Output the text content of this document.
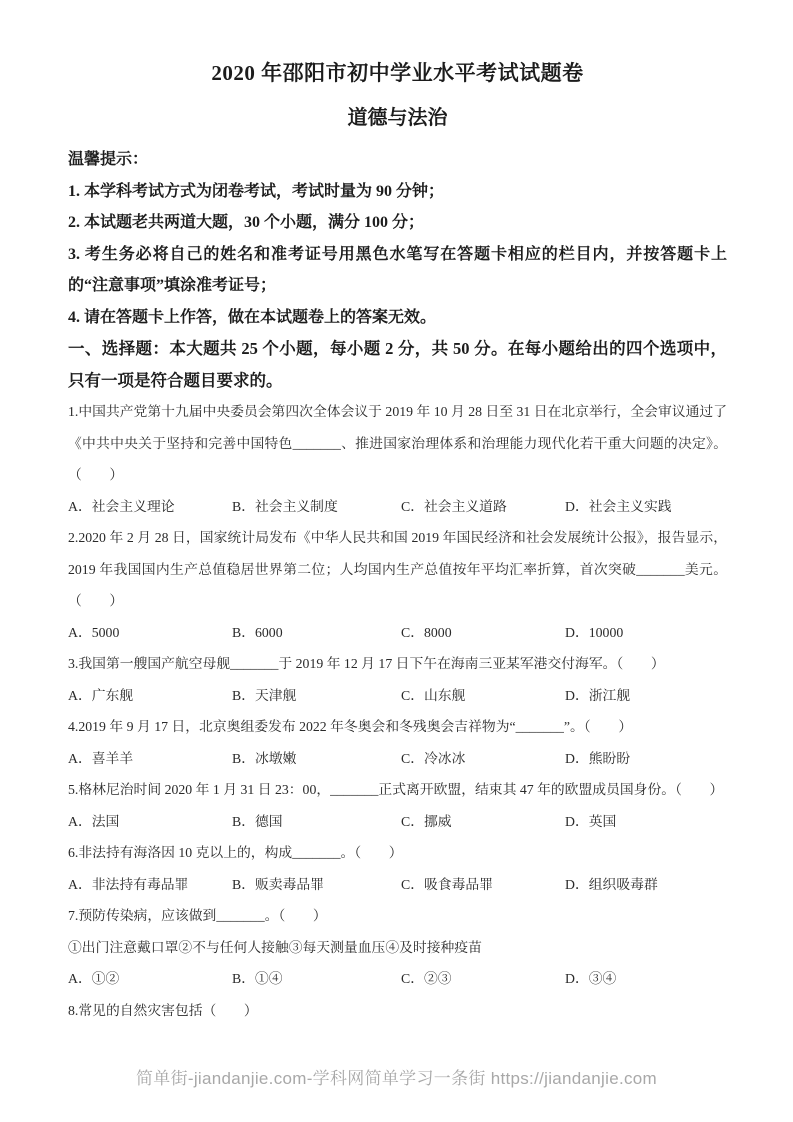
2020 年邵阳市初中学业水平考试试题卷
道德与法治
温馨提示：

1. 本学科考试方式为闭卷考试，考试时量为 90 分钟；

2. 本试题老共两道大题，30 个小题，满分 100 分；

3. 考生务必将自己的姓名和准考证号用黑色水笔写在答题卡相应的栏目内，并按答题卡上的“注意事项”填涂准考证号；

4. 请在答题卡上作答，做在本试题卷上的答案无效。

一、选择题：本大题共 25 个小题，每小题 2 分，共 50 分。在每小题给出的四个选项中，只有一项是符合题目要求的。

1.中国共产党第十九届中央委员会第四次全体会议于 2019 年 10 月 28 日至 31 日在北京举行，全会审议通过了《中共中央关于坚持和完善中国特色_______、推进国家治理体系和治理能力现代化若干重大问题的决定》。（　　）

A．社会主义理论	B．社会主义制度	C．社会主义道路	D．社会主义实践

2.2020 年 2 月 28 日，国家统计局发布《中华人民共和国 2019 年国民经济和社会发展统计公报》，报告显示，2019 年我国国内生产总值稳居世界第二位；人均国内生产总值按年平均汇率折算，首次突破_______美元。（　　）

A．5000	B．6000	C．8000	D．10000

3.我国第一艘国产航空母舰_______于 2019 年 12 月 17 日下午在海南三亚某军港交付海军。（　　）

A．广东舰	B．天津舰	C．山东舰	D．浙江舰

4.2019 年 9 月 17 日，北京奥组委发布 2022 年冬奥会和冬残奥会吉祥物为“_______”。（　　）

A．喜羊羊	B．冰墩嫩	C．冷冰冰	D．熊盼盼

5.格林尼治时间 2020 年 1 月 31 日 23：00，_______正式离开欧盟，结束其 47 年的欧盟成员国身份。（　　）

A．法国	B．德国	C．挪威	D．英国

6.非法持有海洛因 10 克以上的，构成_______。（　　）

A．非法持有毒品罪	B．贩卖毒品罪	C．吸食毒品罪	D．组织吸毒群

7.预防传染病，应该做到_______。（　　）

①出门注意戴口罩②不与任何人接触③每天测量血压④及时接种疫苗

A．①②	B．①④	C．②③	D．③④

8.常见的自然灾害包括（　　）

简单街-jiandanjie.com-学科网简单学习一条街 https://jiandanjie.com
